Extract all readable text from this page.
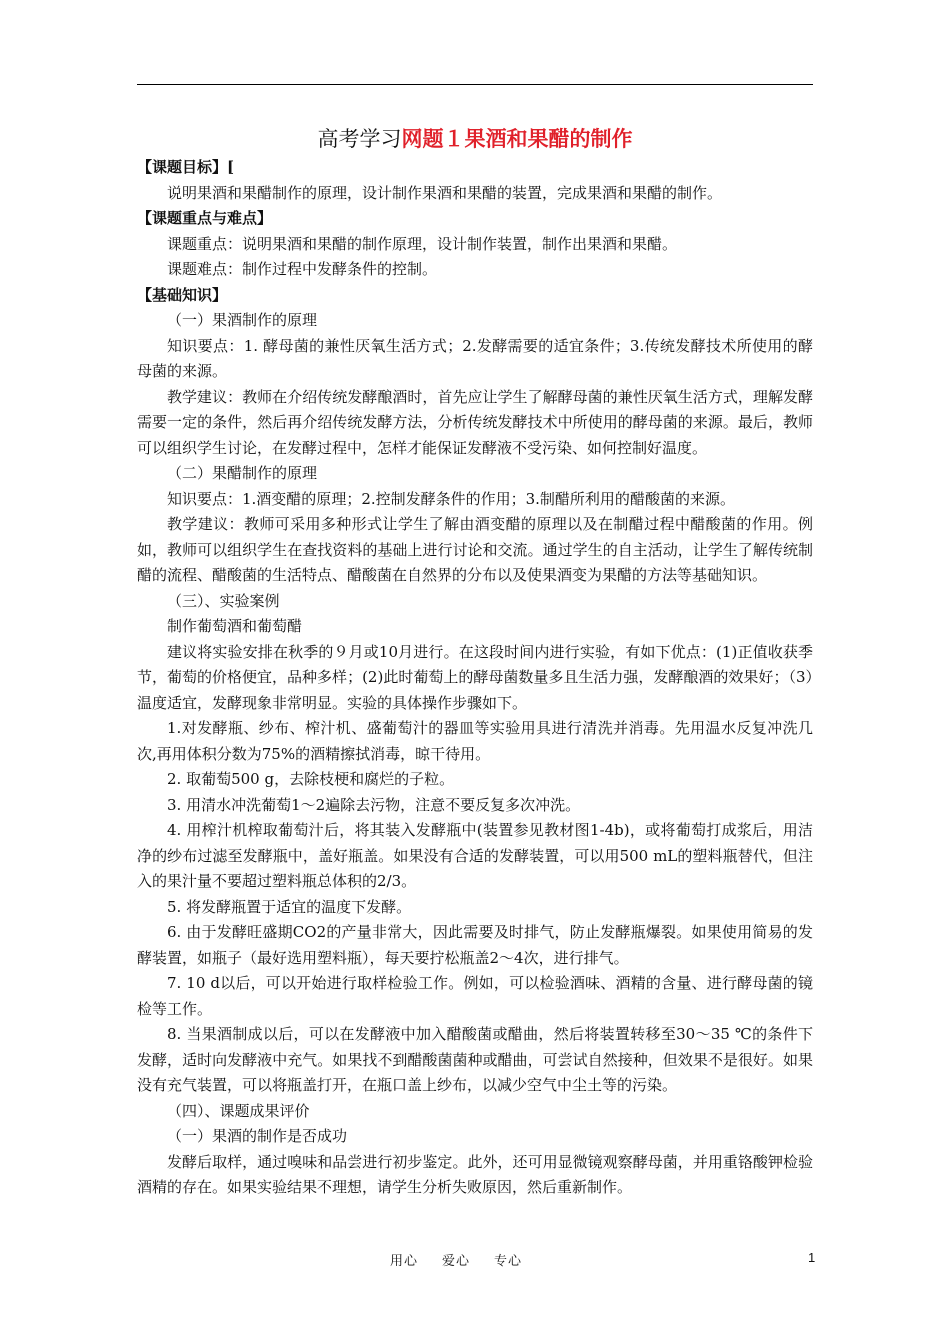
高考学习网题１果酒和果醋的制作

【课题目标】[

说明果酒和果醋制作的原理，设计制作果酒和果醋的装置，完成果酒和果醋的制作。

【课题重点与难点】

课题重点：说明果酒和果醋的制作原理，设计制作装置，制作出果酒和果醋。

课题难点：制作过程中发酵条件的控制。

【基础知识】

（一）果酒制作的原理

知识要点：1. 酵母菌的兼性厌氧生活方式；2.发酵需要的适宜条件；3.传统发酵技术所使用的酵母菌的来源。

教学建议：教师在介绍传统发酵酿酒时，首先应让学生了解酵母菌的兼性厌氧生活方式，理解发酵需要一定的条件，然后再介绍传统发酵方法，分析传统发酵技术中所使用的酵母菌的来源。最后，教师可以组织学生讨论，在发酵过程中，怎样才能保证发酵液不受污染、如何控制好温度。

（二）果醋制作的原理

知识要点：1.酒变醋的原理；2.控制发酵条件的作用；3.制醋所利用的醋酸菌的来源。

教学建议：教师可采用多种形式让学生了解由酒变醋的原理以及在制醋过程中醋酸菌的作用。例如，教师可以组织学生在查找资料的基础上进行讨论和交流。通过学生的自主活动，让学生了解传统制醋的流程、醋酸菌的生活特点、醋酸菌在自然界的分布以及使果酒变为果醋的方法等基础知识。

（三）、实验案例

制作葡萄酒和葡萄醋

建议将实验安排在秋季的９月或10月进行。在这段时间内进行实验，有如下优点：(1)正值收获季节，葡萄的价格便宜，品种多样；(2)此时葡萄上的酵母菌数量多且生活力强，发酵酿酒的效果好；（3）温度适宜，发酵现象非常明显。实验的具体操作步骤如下。

1.对发酵瓶、纱布、榨汁机、盛葡萄汁的器皿等实验用具进行清洗并消毒。先用温水反复冲洗几次,再用体积分数为75%的酒精擦拭消毒，晾干待用。

2. 取葡萄500 g，去除枝梗和腐烂的子粒。

3. 用清水冲洗葡萄1～2遍除去污物，注意不要反复多次冲洗。

4. 用榨汁机榨取葡萄汁后，将其装入发酵瓶中(装置参见教材图1-4b)，或将葡萄打成浆后，用洁净的纱布过滤至发酵瓶中，盖好瓶盖。如果没有合适的发酵装置，可以用500 mL的塑料瓶替代，但注入的果汁量不要超过塑料瓶总体积的2/3。

5. 将发酵瓶置于适宜的温度下发酵。

6. 由于发酵旺盛期CO2的产量非常大，因此需要及时排气，防止发酵瓶爆裂。如果使用简易的发酵装置，如瓶子（最好选用塑料瓶），每天要拧松瓶盖2～4次，进行排气。

7. 10 d以后，可以开始进行取样检验工作。例如，可以检验酒味、酒精的含量、进行酵母菌的镜检等工作。

8. 当果酒制成以后，可以在发酵液中加入醋酸菌或醋曲，然后将装置转移至30～35 ℃的条件下发酵，适时向发酵液中充气。如果找不到醋酸菌菌种或醋曲，可尝试自然接种，但效果不是很好。如果没有充气装置，可以将瓶盖打开，在瓶口盖上纱布，以减少空气中尘土等的污染。

（四）、课题成果评价

（一）果酒的制作是否成功

发酵后取样，通过嗅味和品尝进行初步鉴定。此外，还可用显微镜观察酵母菌，并用重铬酸钾检验酒精的存在。如果实验结果不理想，请学生分析失败原因，然后重新制作。

用心 爱心 专心	1
